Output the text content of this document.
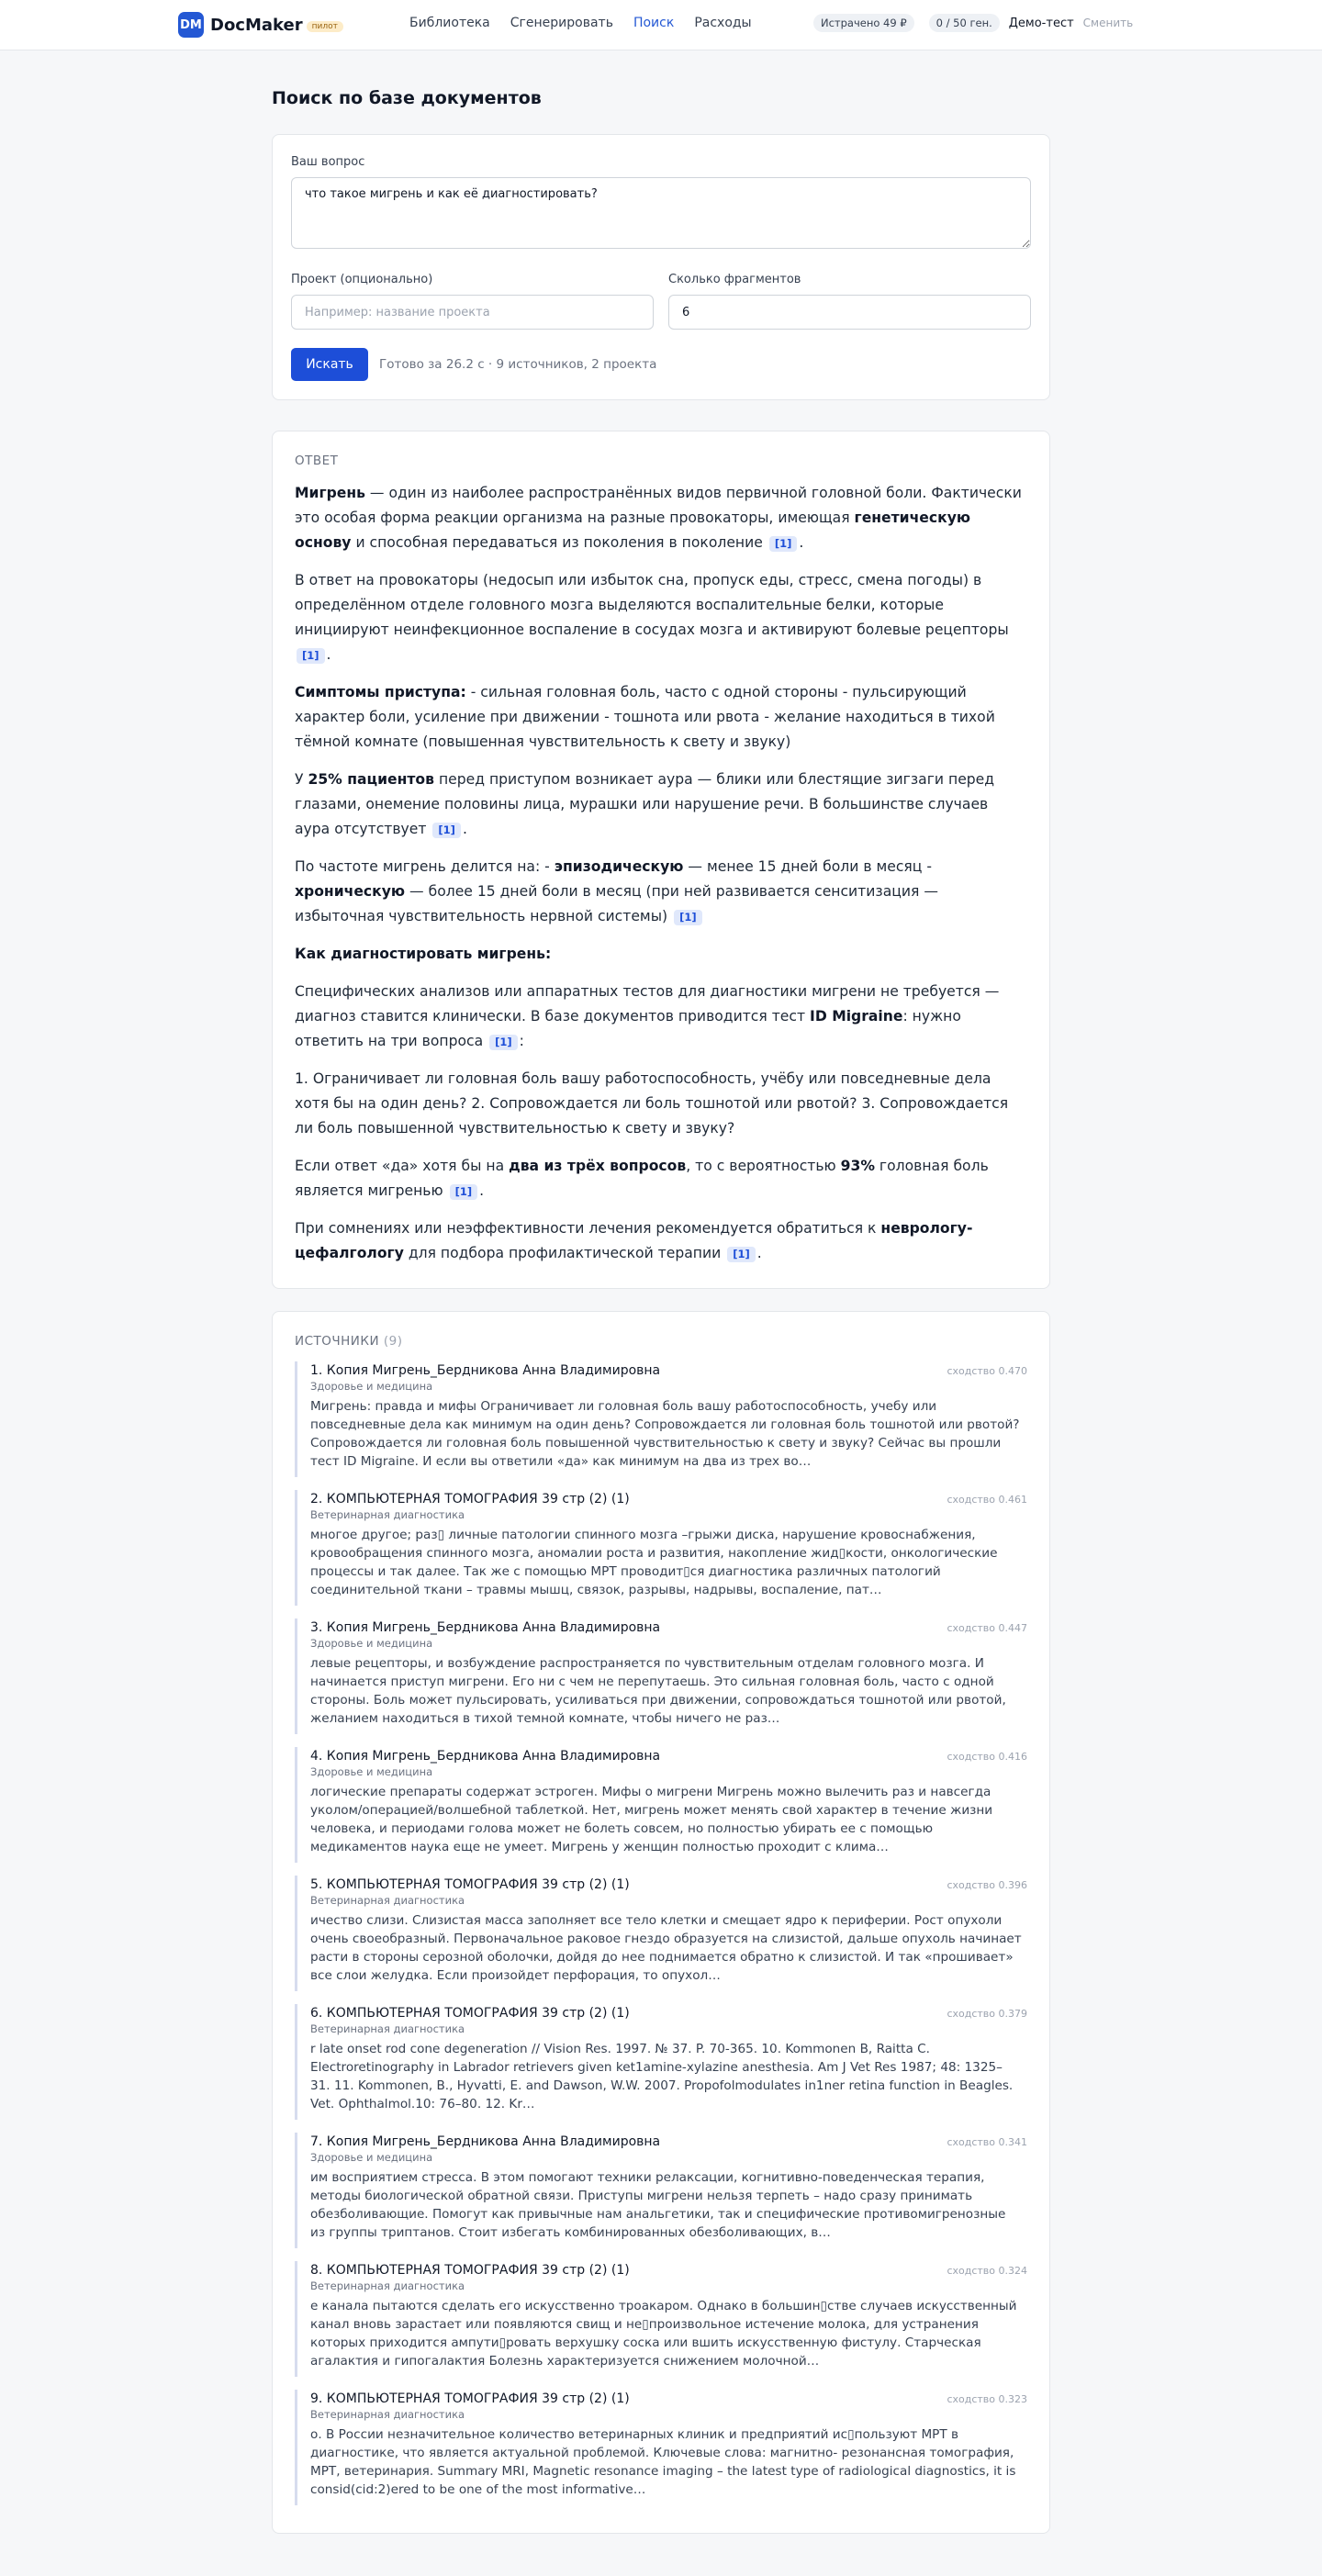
DM DocMaker	пилот	Библиотека Сгенерировать Поиск Расходы	Истрачено 49 ₽	0 / 50 ген.	Демо-тест Сменить
Поиск по базе документов
Ваш вопрос
что такое мигрень и как её диагностировать?
Проект (опционально)
Например: название проекта	Сколько фрагментов
6
Искать	Готово за 26.2 с · 9 источников, 2 проекта
ОТВЕТ

Мигрень — один из наиболее распространённых видов первичной головной боли. Фактически это особая форма реакции организма на разные провокаторы, имеющая генетическую основу и способная передаваться из поколения в поколение [1] .

В ответ на провокаторы (недосып или избыток сна, пропуск еды, стресс, смена погоды) в определённом отделе головного мозга выделяются воспалительные белки, которые инициируют неинфекционное воспаление в сосудах мозга и активируют болевые рецепторы [1] .

Симптомы приступа: - сильная головная боль, часто с одной стороны - пульсирующий характер боли, усиление при движении - тошнота или рвота - желание находиться в тихой тёмной комнате (повышенная чувствительность к свету и звуку)

У 25% пациентов перед приступом возникает аура — блики или блестящие зигзаги перед глазами, онемение половины лица, мурашки или нарушение речи. В большинстве случаев аура отсутствует [1] .

По частоте мигрень делится на: - эпизодическую — менее 15 дней боли в месяц - хроническую — более 15 дней боли в месяц (при ней развивается сенситизация — избыточная чувствительность нервной системы) [1]

Как диагностировать мигрень:

Специфических анализов или аппаратных тестов для диагностики мигрени не требуется — диагноз ставится клинически. В базе документов приводится тест ID Migraine: нужно ответить на три вопроса [1] :

1. Ограничивает ли головная боль вашу работоспособность, учёбу или повседневные дела хотя бы на один день? 2. Сопровождается ли боль тошнотой или рвотой? 3. Сопровождается ли боль повышенной чувствительностью к свету и звуку?

Если ответ «да» хотя бы на два из трёх вопросов, то с вероятностью 93% головная боль является мигренью [1] .

При сомнениях или неэффективности лечения рекомендуется обратиться к неврологу-цефалгологу для подбора профилактической терапии [1] .

ИСТОЧНИКИ (9)
1. Копия Мигрень_Бердникова Анна Владимировна	сходство 0.470
Здоровье и медицина
Мигрень: правда и мифы Ограничивает ли головная боль вашу работоспособность, учебу или повседневные дела как минимум на один день? Сопровождается ли головная боль тошнотой или рвотой? Сопровождается ли головная боль повышенной чувствительностью к свету и звуку? Сейчас вы прошли тест ID Migraine. И если вы ответили «да» как минимум на два из трех во…
2. КОМПЬЮТЕРНАЯ ТОМОГРАФИЯ 39 стр (2) (1)	сходство 0.461
Ветеринарная диагностика
многое другое; раз▯ личные патологии спинного мозга –грыжи диска, нарушение кровоснабжения, кровообращения спинного мозга, аномалии роста и развития, накопление жид▯кости, онкологические процессы и так далее. Так же с помощью МРТ проводит▯ся диагностика различных патологий соединительной ткани – травмы мышц, связок, разрывы, надрывы, воспаление, пат…
3. Копия Мигрень_Бердникова Анна Владимировна	сходство 0.447
Здоровье и медицина
левые рецепторы, и возбуждение распространяется по чувствительным отделам головного мозга. И начинается приступ мигрени. Его ни с чем не перепутаешь. Это сильная головная боль, часто с одной стороны. Боль может пульсировать, усиливаться при движении, сопровождаться тошнотой или рвотой, желанием находиться в тихой темной комнате, чтобы ничего не раз…
4. Копия Мигрень_Бердникова Анна Владимировна	сходство 0.416
Здоровье и медицина
логические препараты содержат эстроген. Мифы о мигрени Мигрень можно вылечить раз и навсегда уколом/операцией/волшебной таблеткой. Нет, мигрень может менять свой характер в течение жизни человека, и периодами голова может не болеть совсем, но полностью убирать ее с помощью медикаментов наука еще не умеет. Мигрень у женщин полностью проходит с клима…
5. КОМПЬЮТЕРНАЯ ТОМОГРАФИЯ 39 стр (2) (1)	сходство 0.396
Ветеринарная диагностика
ичество слизи. Слизистая масса заполняет все тело клетки и смещает ядро к периферии. Рост опухоли очень своеобразный. Первоначальное раковое гнездо образуется на слизистой, дальше опухоль начинает расти в стороны серозной оболочки, дойдя до нее поднимается обратно к слизистой. И так «прошивает» все слои желудка. Если произойдет перфорация, то опухол…
6. КОМПЬЮТЕРНАЯ ТОМОГРАФИЯ 39 стр (2) (1)	сходство 0.379
Ветеринарная диагностика
r late onset rod cone degeneration // Vision Res. 1997. № 37. P. 70-365. 10. Kommonen B, Raitta C. Electroretinography in Labrador retrievers given ket1amine-xylazine anesthesia. Am J Vet Res 1987; 48: 1325–31. 11. Kommonen, B., Hyvatti, E. and Dawson, W.W. 2007. Propofolmodulates in1ner retina function in Beagles. Vet. Ophthalmol.10: 76–80. 12. Kr…
7. Копия Мигрень_Бердникова Анна Владимировна	сходство 0.341
Здоровье и медицина
им восприятием стресса. В этом помогают техники релаксации, когнитивно-поведенческая терапия, методы биологической обратной связи. Приступы мигрени нельзя терпеть – надо сразу принимать обезболивающие. Помогут как привычные нам анальгетики, так и специфические противомигренозные из группы триптанов. Стоит избегать комбинированных обезболивающих, в…
8. КОМПЬЮТЕРНАЯ ТОМОГРАФИЯ 39 стр (2) (1)	сходство 0.324
Ветеринарная диагностика
е канала пытаются сделать его искусственно троакаром. Однако в большин▯стве случаев искусственный канал вновь зарастает или появляются свищ и не▯произвольное истечение молока, для устранения которых приходится ампути▯ровать верхушку соска или вшить искусственную фистулу. Старческая агалактия и гипогалактия Болезнь характеризуется снижением молочной…
9. КОМПЬЮТЕРНАЯ ТОМОГРАФИЯ 39 стр (2) (1)	сходство 0.323
Ветеринарная диагностика
о. В России незначительное количество ветеринарных клиник и предприятий ис▯пользуют МРТ в диагностике, что является актуальной проблемой. Ключевые слова: магнитно- резонансная томография, МРТ, ветеринария. Summary MRI, Magnetic resonance imaging – the latest type of radiological diagnostics, it is consid(cid:2)ered to be one of the most informative…
